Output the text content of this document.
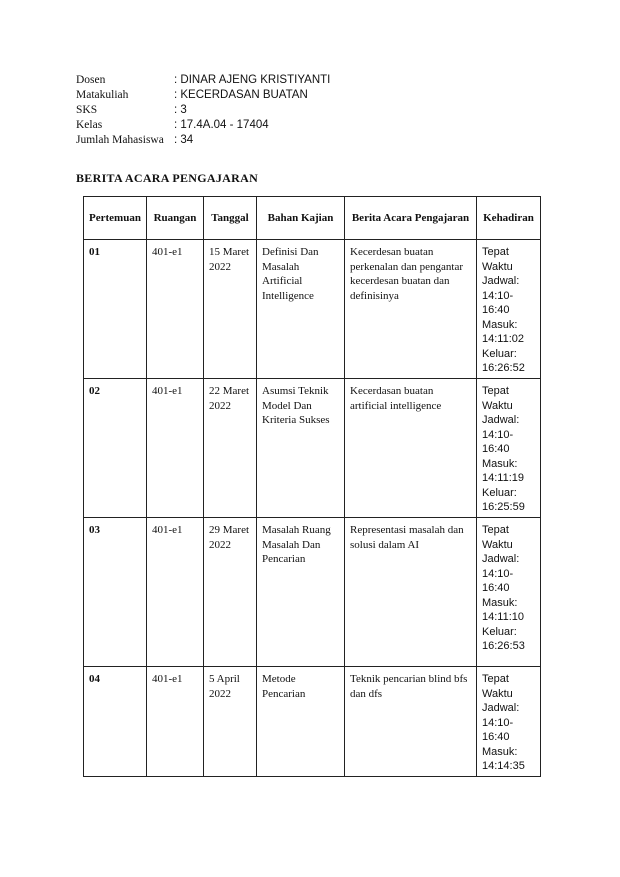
Dosen	: DINAR AJENG KRISTIYANTI
Matakuliah	: KECERDASAN BUATAN
SKS	: 3
Kelas	: 17.4A.04 - 17404
Jumlah Mahasiswa : 34
BERITA ACARA PENGAJARAN
Pertemuan	Ruangan	Tanggal	Bahan Kajian	Berita Acara Pengajaran	Kehadiran
01	401-e1	15 Maret 2022	Definisi Dan Masalah Artificial Intelligence	Kecerdesan buatan perkenalan dan pengantar kecerdesan buatan dan definisinya	Tepat Waktu Jadwal: 14:10-16:40 Masuk: 14:11:02 Keluar: 16:26:52
02	401-e1	22 Maret 2022	Asumsi Teknik Model Dan Kriteria Sukses	Kecerdasan buatan artificial intelligence	Tepat Waktu Jadwal: 14:10-16:40 Masuk: 14:11:19 Keluar: 16:25:59
03	401-e1	29 Maret 2022	Masalah Ruang Masalah Dan Pencarian	Representasi masalah dan solusi dalam AI	Tepat Waktu Jadwal: 14:10-16:40 Masuk: 14:11:10 Keluar: 16:26:53
04	401-e1	5 April 2022	Metode Pencarian	Teknik pencarian blind bfs dan dfs	Tepat Waktu Jadwal: 14:10-16:40 Masuk: 14:14:35
